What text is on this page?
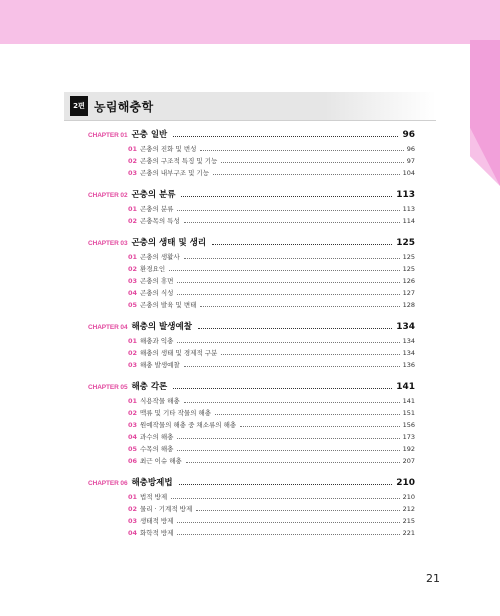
2편 농림해충학
CHAPTER 01 곤충 일반	96
01 곤충의 진화 및 번성	96
02 곤충의 구조적 특징 및 기능	97
03 곤충의 내부구조 및 기능	104
CHAPTER 02 곤충의 분류	113
01 곤충의 분류	113
02 곤충목의 특성	114
CHAPTER 03 곤충의 생태 및 생리	125
01 곤충의 생활사	125
02 환경요인	125
03 곤충의 휴면	126
04 곤충의 식성	127
05 곤충의 발육 및 변태	128
CHAPTER 04 해충의 발생예찰	134
01 해충과 익충	134
02 해충의 생태 및 경제적 구분	134
03 해충 발생예찰	136
CHAPTER 05 해충 각론	141
01 식용작물 해충	141
02 맥류 및 기타 작물의 해충	151
03 원예작물의 해충 중 채소류의 해충	156
04 과수의 해충	173
05 수목의 해충	192
06 최근 이슈 해충	207
CHAPTER 06 해충방제법	210
01 법적 방제	210
02 물리 · 기계적 방제	212
03 생태적 방제	215
04 화학적 방제	221
21
